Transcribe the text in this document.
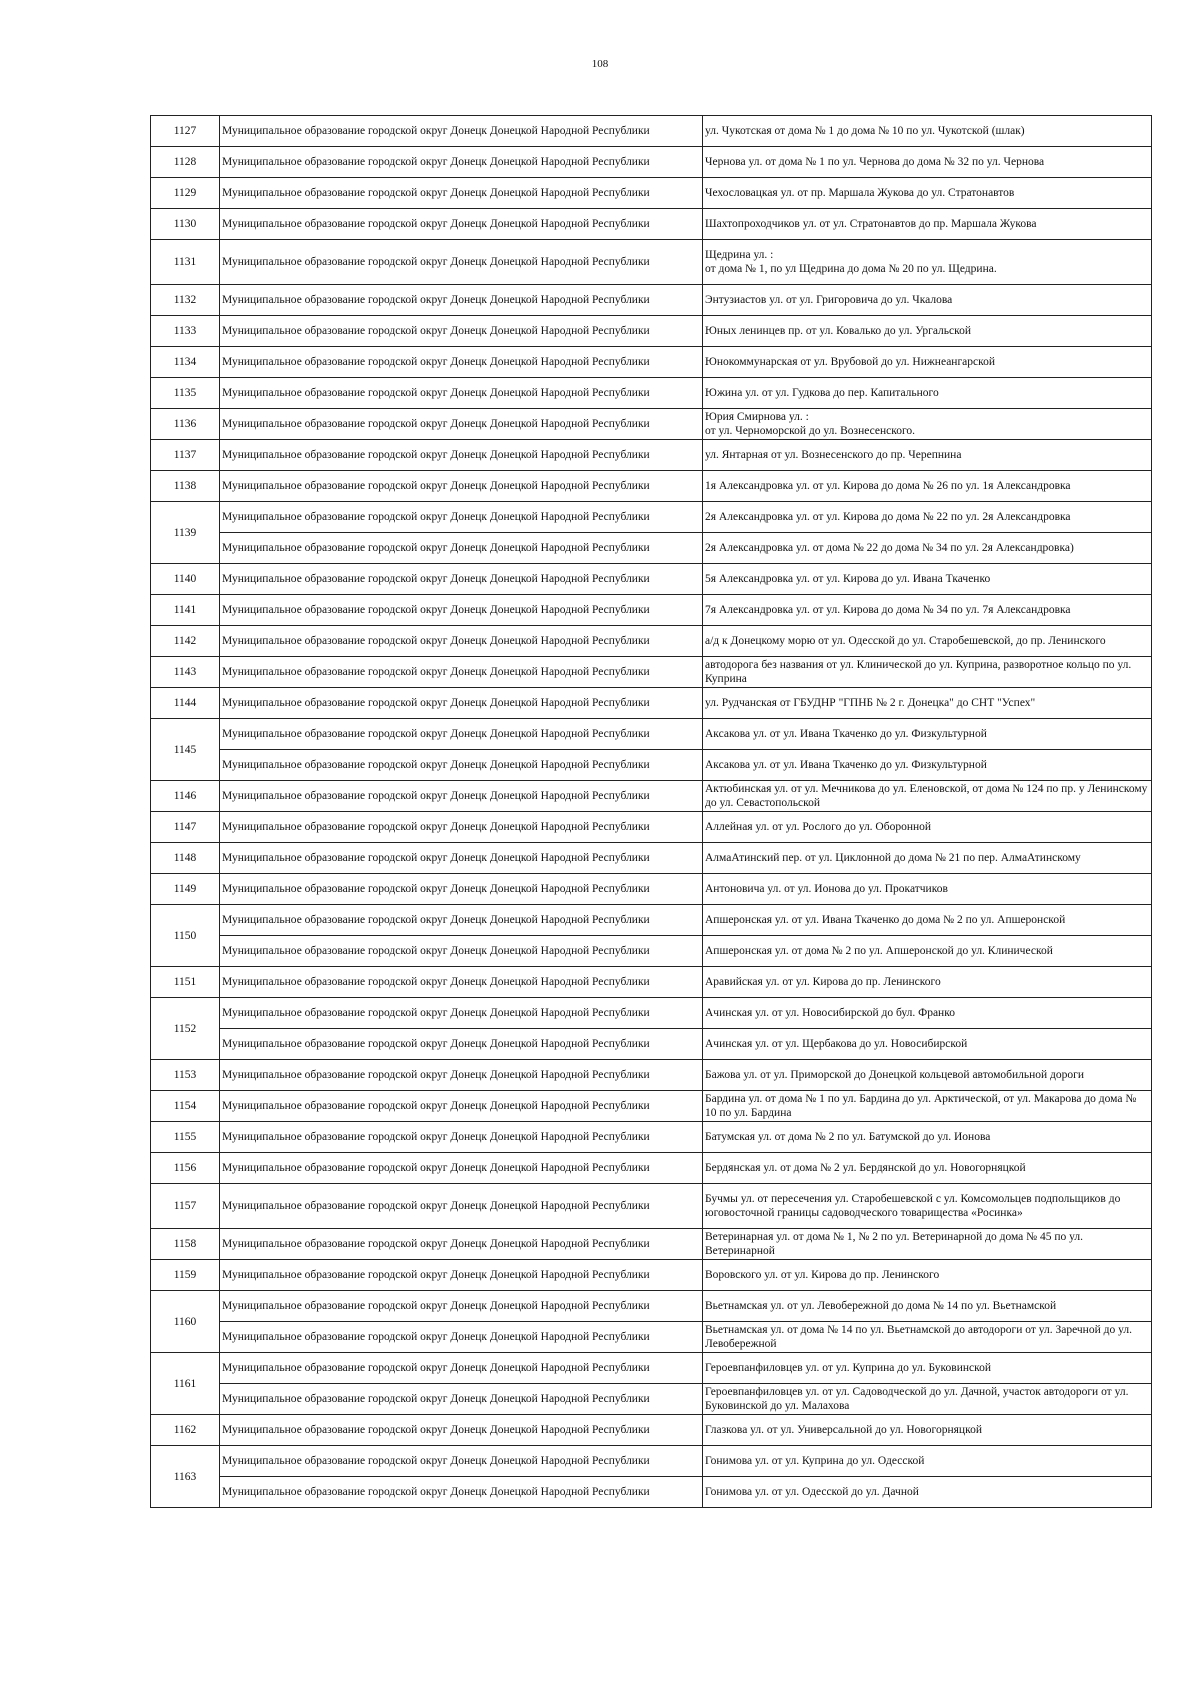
108
1127	Муниципальное образование городской округ Донецк Донецкой Народной Республики	ул. Чукотская от дома № 1 до дома № 10 по ул. Чукотской (шлак)
1128	Муниципальное образование городской округ Донецк Донецкой Народной Республики	Чернова ул. от дома № 1 по ул. Чернова до дома № 32 по ул. Чернова
1129	Муниципальное образование городской округ Донецк Донецкой Народной Республики	Чехословацкая ул. от пр. Маршала Жукова до ул. Стратонавтов
1130	Муниципальное образование городской округ Донецк Донецкой Народной Республики	Шахтопроходчиков ул. от ул. Стратонавтов до пр. Маршала Жукова
1131	Муниципальное образование городской округ Донецк Донецкой Народной Республики	Щедрина ул. :
от дома № 1, по ул Щедрина до дома № 20 по ул. Щедрина.
1132	Муниципальное образование городской округ Донецк Донецкой Народной Республики	Энтузиастов ул. от ул. Григоровича до ул. Чкалова
1133	Муниципальное образование городской округ Донецк Донецкой Народной Республики	Юных ленинцев пр. от ул. Ковалько до ул. Ургальской
1134	Муниципальное образование городской округ Донецк Донецкой Народной Республики	Юнокоммунарская от ул. Врубовой до ул. Нижнеангарской
1135	Муниципальное образование городской округ Донецк Донецкой Народной Республики	Южина ул. от ул. Гудкова до пер. Капитального
1136	Муниципальное образование городской округ Донецк Донецкой Народной Республики	Юрия Смирнова ул. :
от ул. Черноморской до ул. Вознесенского.
1137	Муниципальное образование городской округ Донецк Донецкой Народной Республики	ул. Янтарная от ул. Вознесенского до пр. Черепнина
1138	Муниципальное образование городской округ Донецк Донецкой Народной Республики	1я Александровка ул. от ул. Кирова до дома № 26 по ул. 1я Александровка
1139	Муниципальное образование городской округ Донецк Донецкой Народной Республики	2я Александровка ул. от ул. Кирова до дома № 22 по ул. 2я Александровка
	Муниципальное образование городской округ Донецк Донецкой Народной Республики	2я Александровка ул. от дома № 22 до дома № 34 по ул. 2я Александровка)
1140	Муниципальное образование городской округ Донецк Донецкой Народной Республики	5я Александровка ул. от ул. Кирова до ул. Ивана Ткаченко
1141	Муниципальное образование городской округ Донецк Донецкой Народной Республики	7я Александровка ул. от ул. Кирова до дома № 34 по ул. 7я Александровка
1142	Муниципальное образование городской округ Донецк Донецкой Народной Республики	а/д к Донецкому морю от ул. Одесской до ул. Старобешевской, до пр. Ленинского
1143	Муниципальное образование городской округ Донецк Донецкой Народной Республики	автодорога без названия от ул. Клинической до ул. Куприна, разворотное кольцо по ул. Куприна
1144	Муниципальное образование городской округ Донецк Донецкой Народной Республики	ул. Рудчанская от ГБУДНР "ГПНБ № 2 г. Донецка" до СНТ "Успех"
1145	Муниципальное образование городской округ Донецк Донецкой Народной Республики	Аксакова ул. от ул. Ивана Ткаченко до ул. Физкультурной
	Муниципальное образование городской округ Донецк Донецкой Народной Республики	Аксакова ул. от ул. Ивана Ткаченко до ул. Физкультурной
1146	Муниципальное образование городской округ Донецк Донецкой Народной Республики	Актюбинская ул. от ул. Мечникова до ул. Еленовской, от дома № 124 по пр. у Ленинскому до ул. Севастопольской
1147	Муниципальное образование городской округ Донецк Донецкой Народной Республики	Аллейная ул. от ул. Рослого до ул. Оборонной
1148	Муниципальное образование городской округ Донецк Донецкой Народной Республики	АлмаАтинский пер. от ул. Циклонной до дома № 21 по пер. АлмаАтинскому
1149	Муниципальное образование городской округ Донецк Донецкой Народной Республики	Антоновича ул. от ул. Ионова до ул. Прокатчиков
1150	Муниципальное образование городской округ Донецк Донецкой Народной Республики	Апшеронская ул. от ул. Ивана Ткаченко до дома № 2 по ул. Апшеронской
	Муниципальное образование городской округ Донецк Донецкой Народной Республики	Апшеронская ул. от дома № 2 по ул. Апшеронской до ул. Клинической
1151	Муниципальное образование городской округ Донецк Донецкой Народной Республики	Аравийская ул. от ул. Кирова до пр. Ленинского
1152	Муниципальное образование городской округ Донецк Донецкой Народной Республики	Ачинская ул. от ул. Новосибирской до бул. Франко
	Муниципальное образование городской округ Донецк Донецкой Народной Республики	Ачинская ул. от ул. Щербакова до ул. Новосибирской
1153	Муниципальное образование городской округ Донецк Донецкой Народной Республики	Бажова ул. от ул. Приморской до Донецкой кольцевой автомобильной дороги
1154	Муниципальное образование городской округ Донецк Донецкой Народной Республики	Бардина ул. от дома № 1 по ул. Бардина до ул. Арктической, от ул. Макарова до дома № 10 по ул. Бардина
1155	Муниципальное образование городской округ Донецк Донецкой Народной Республики	Батумская ул. от дома № 2 по ул. Батумской до ул. Ионова
1156	Муниципальное образование городской округ Донецк Донецкой Народной Республики	Бердянская ул. от дома № 2 ул. Бердянской до ул. Новогорняцкой
1157	Муниципальное образование городской округ Донецк Донецкой Народной Республики	Бучмы ул. от пересечения ул. Старобешевской с ул. Комсомольцев подпольщиков до юговосточной границы садоводческого товарищества «Росинка»
1158	Муниципальное образование городской округ Донецк Донецкой Народной Республики	Ветеринарная ул. от дома № 1, № 2 по ул. Ветеринарной до дома № 45 по ул. Ветеринарной
1159	Муниципальное образование городской округ Донецк Донецкой Народной Республики	Воровского ул. от ул. Кирова до пр. Ленинского
1160	Муниципальное образование городской округ Донецк Донецкой Народной Республики	Вьетнамская ул. от ул. Левобережной до дома № 14 по ул. Вьетнамской
	Муниципальное образование городской округ Донецк Донецкой Народной Республики	Вьетнамская ул. от дома № 14 по ул. Вьетнамской до автодороги от ул. Заречной до ул. Левобережной
1161	Муниципальное образование городской округ Донецк Донецкой Народной Республики	Героевпанфиловцев ул. от ул. Куприна до ул. Буковинской
	Муниципальное образование городской округ Донецк Донецкой Народной Республики	Героевпанфиловцев ул. от ул. Садоводческой до ул. Дачной, участок автодороги от ул. Буковинской до ул. Малахова
1162	Муниципальное образование городской округ Донецк Донецкой Народной Республики	Глазкова ул. от ул. Универсальной до ул. Новогорняцкой
1163	Муниципальное образование городской округ Донецк Донецкой Народной Республики	Гонимова ул. от ул. Куприна до ул. Одесской
	Муниципальное образование городской округ Донецк Донецкой Народной Республики	Гонимова ул. от ул. Одесской до ул. Дачной
